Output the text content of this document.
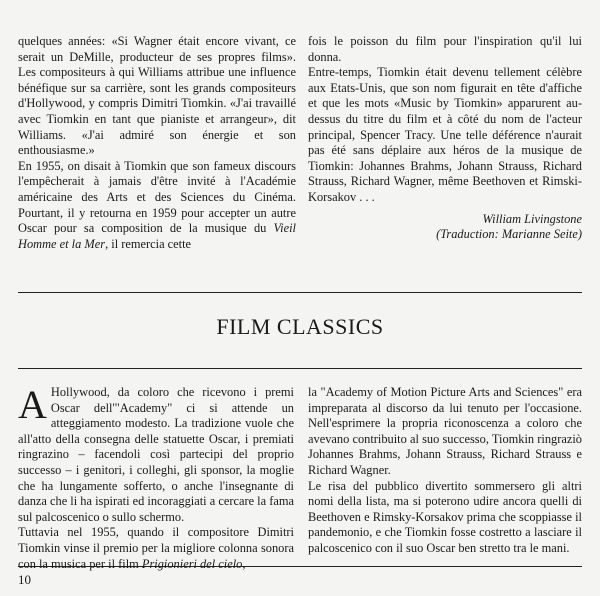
quelques années: «Si Wagner était encore vivant, ce serait un DeMille, producteur de ses propres films». Les compositeurs à qui Williams attribue une influence bénéfique sur sa carrière, sont les grands compositeurs d'Hollywood, y compris Dimitri Tiomkin. «J'ai travaillé avec Tiomkin en tant que pianiste et arrangeur», dit Williams. «J'ai admiré son énergie et son enthousiasme.»

En 1955, on disait à Tiomkin que son fameux discours l'empêcherait à jamais d'être invité à l'Académie américaine des Arts et des Sciences du Cinéma. Pourtant, il y retourna en 1959 pour accepter un autre Oscar pour sa composition de la musique du Vieil Homme et la Mer, il remercia cette

fois le poisson du film pour l'inspiration qu'il lui donna.

Entre-temps, Tiomkin était devenu tellement célèbre aux Etats-Unis, que son nom figurait en tête d'affiche et que les mots «Music by Tiomkin» apparurent au-dessus du titre du film et à côté du nom de l'acteur principal, Spencer Tracy. Une telle déférence n'aurait pas été sans déplaire aux héros de la musique de Tiomkin: Johannes Brahms, Johann Strauss, Richard Strauss, Richard Wagner, même Beethoven et Rimski-Korsakov . . .

William Livingstone

(Traduction: Marianne Seite)

FILM CLASSICS

A Hollywood, da coloro che ricevono i premi Oscar dell'"Academy" ci si attende un atteggiamento modesto. La tradizione vuole che all'atto della consegna delle statuette Oscar, i premiati ringrazino – facendoli così partecipi del proprio successo – i genitori, i colleghi, gli sponsor, la moglie che ha lungamente sofferto, o anche l'insegnante di danza che li ha ispirati ed incoraggiati a cercare la fama sul palcoscenico o sullo schermo.

Tuttavia nel 1955, quando il compositore Dimitri Tiomkin vinse il premio per la migliore colonna sonora con la musica per il film Prigionieri del cielo,

la "Academy of Motion Picture Arts and Sciences" era impreparata al discorso da lui tenuto per l'occasione. Nell'esprimere la propria riconoscenza a coloro che avevano contribuito al suo successo, Tiomkin ringraziò Johannes Brahms, Johann Strauss, Richard Strauss e Richard Wagner.

Le risa del pubblico divertito sommersero gli altri nomi della lista, ma si poterono udire ancora quelli di Beethoven e Rimsky-Korsakov prima che scoppiasse il pandemonio, e che Tiomkin fosse costretto a lasciare il palcoscenico con il suo Oscar ben stretto tra le mani.

10
